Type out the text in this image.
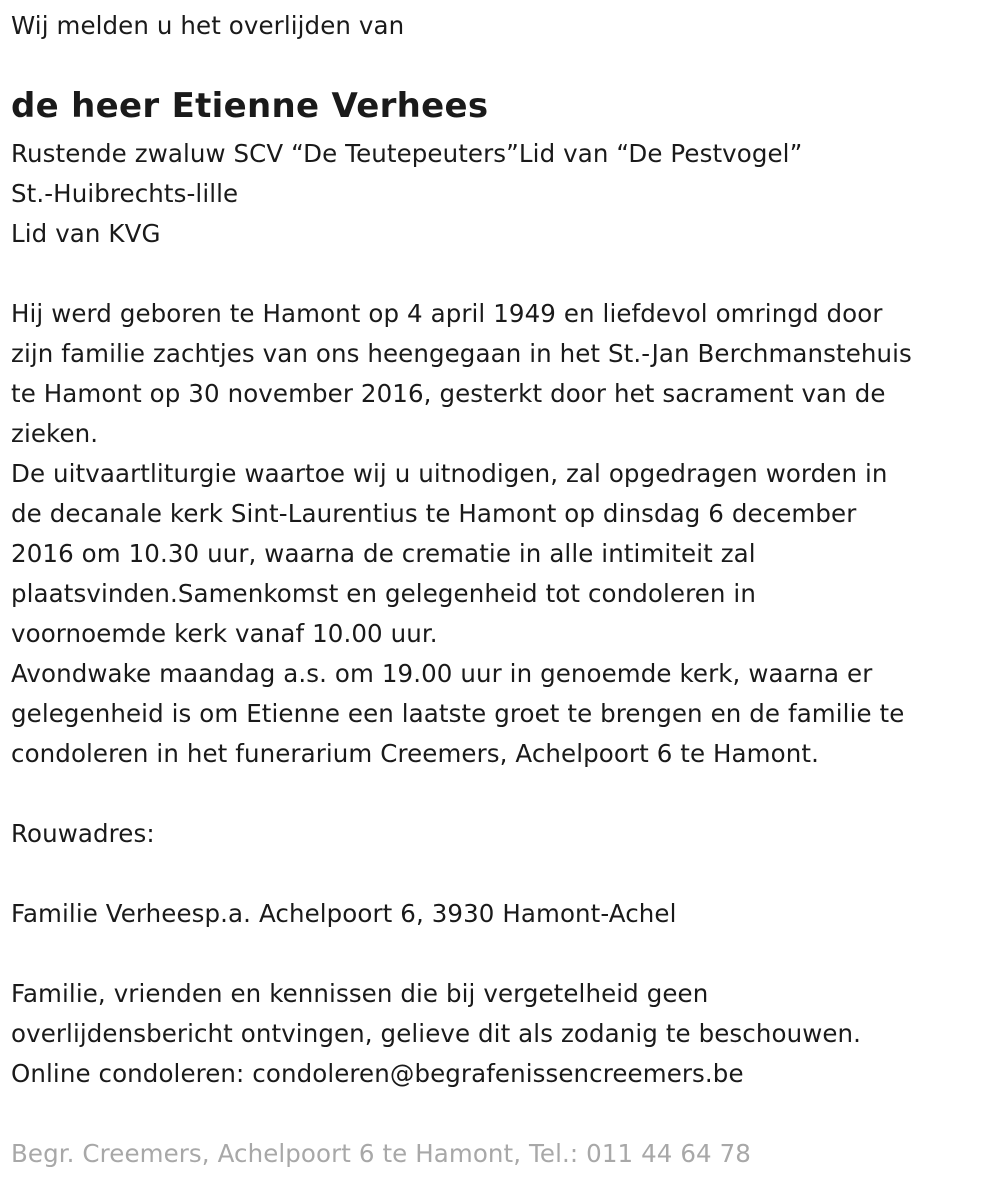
Wij melden u het overlijden van
de heer Etienne Verhees
Rustende zwaluw SCV “De Teutepeuters”Lid van “De Pestvogel”
St.-Huibrechts-lille
Lid van KVG
Hij werd geboren te Hamont op 4 april 1949 en liefdevol omringd door
zijn familie zachtjes van ons heengegaan in het St.-Jan Berchmanstehuis
te Hamont op 30 november 2016, gesterkt door het sacrament van de
zieken.
De uitvaartliturgie waartoe wij u uitnodigen, zal opgedragen worden in
de decanale kerk Sint-Laurentius te Hamont op dinsdag 6 december
2016 om 10.30 uur, waarna de crematie in alle intimiteit zal
plaatsvinden.Samenkomst en gelegenheid tot condoleren in
voornoemde kerk vanaf 10.00 uur.
Avondwake maandag a.s. om 19.00 uur in genoemde kerk, waarna er
gelegenheid is om Etienne een laatste groet te brengen en de familie te
condoleren in het funerarium Creemers, Achelpoort 6 te Hamont.
Rouwadres:
Familie Verheesp.a. Achelpoort 6, 3930 Hamont-Achel
Familie, vrienden en kennissen die bij vergetelheid geen
overlijdensbericht ontvingen, gelieve dit als zodanig te beschouwen.
Online condoleren: condoleren@begrafenissencreemers.be
Begr. Creemers, Achelpoort 6 te Hamont, Tel.: 011 44 64 78
